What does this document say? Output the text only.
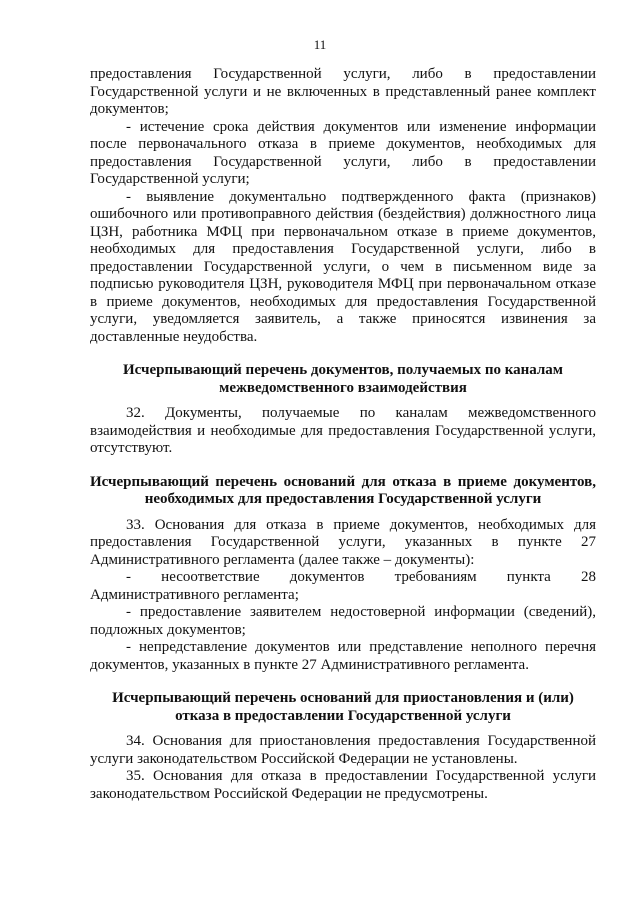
11

предоставления Государственной услуги, либо в предоставлении Государственной услуги и не включенных в представленный ранее комплект документов;

- истечение срока действия документов или изменение информации после первоначального отказа в приеме документов, необходимых для предоставления Государственной услуги, либо в предоставлении Государственной услуги;

- выявление документально подтвержденного факта (признаков) ошибочного или противоправного действия (бездействия) должностного лица ЦЗН, работника МФЦ при первоначальном отказе в приеме документов, необходимых для предоставления Государственной услуги, либо в предоставлении Государственной услуги, о чем в письменном виде за подписью руководителя ЦЗН, руководителя МФЦ при первоначальном отказе в приеме документов, необходимых для предоставления Государственной услуги, уведомляется заявитель, а также приносятся извинения за доставленные неудобства.

Исчерпывающий перечень документов, получаемых по каналам межведомственного взаимодействия

32. Документы, получаемые по каналам межведомственного взаимодействия и необходимые для предоставления Государственной услуги, отсутствуют.

Исчерпывающий перечень оснований для отказа в приеме документов, необходимых для предоставления Государственной услуги

33. Основания для отказа в приеме документов, необходимых для предоставления Государственной услуги, указанных в пункте 27 Административного регламента (далее также – документы):

- несоответствие документов требованиям пункта 28 Административного регламента;

- предоставление заявителем недостоверной информации (сведений), подложных документов;

- непредставление документов или представление неполного перечня документов, указанных в пункте 27 Административного регламента.

Исчерпывающий перечень оснований для приостановления и (или) отказа в предоставлении Государственной услуги

34. Основания для приостановления предоставления Государственной услуги законодательством Российской Федерации не установлены.

35. Основания для отказа в предоставлении Государственной услуги законодательством Российской Федерации не предусмотрены.
